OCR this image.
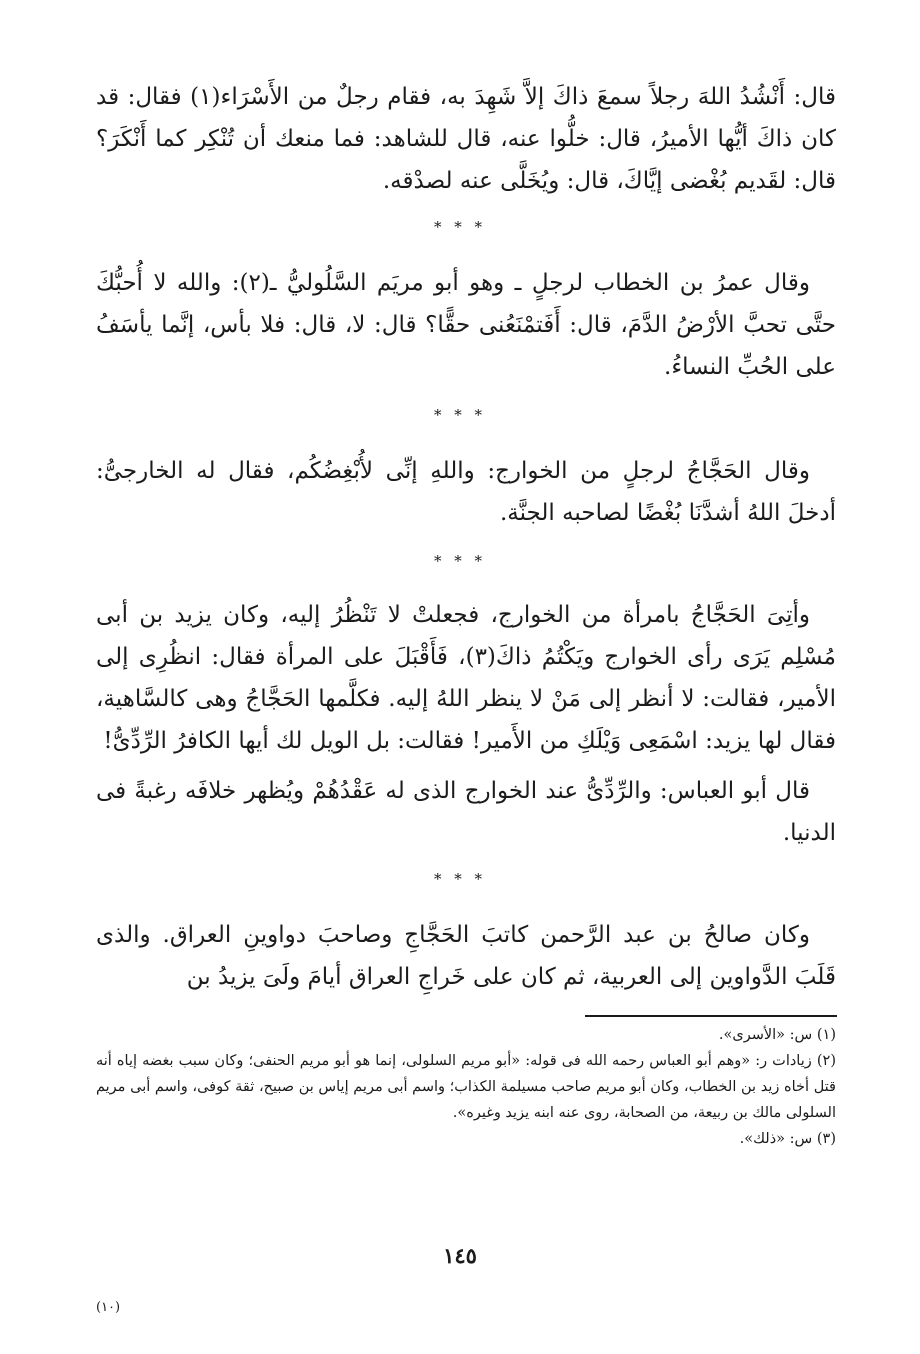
قال: أَنْشُدُ اللهَ رجلاً سمعَ ذاكَ إلاَّ شَهِدَ به، فقام رجلٌ من الأَسْرَاء(١) فقال: قد كان ذاكَ أيُّها الأميرُ، قال: خلُّوا عنه، قال للشاهد: فما منعك أن تُنْكِر كما أَنْكَرَ؟ قال: لقَديم بُغْضى إيَّاكَ، قال: ويُخَلَّى عنه لصدْقه.

* * *

وقال عمرُ بن الخطاب لرجلٍ ـ وهو أبو مريَم السَّلُوليُّ ـ(٢): والله لا أُحبُّكَ حتَّى تحبَّ الأرْضُ الدَّمَ، قال: أَفَتمْنَعُنى حقًّا؟ قال: لا، قال: فلا بأس، إنَّما يأسَفُ على الحُبِّ النساءُ.

* * *

وقال الحَجَّاجُ لرجلٍ من الخوارج: واللهِ إنِّى لأُبْغِضُكُم، فقال له الخارجىُّ: أدخلَ اللهُ أشدَّنَا بُغْضًا لصاحبه الجنَّة.

* * *

وأتِىَ الحَجَّاجُ بامرأة من الخوارج، فجعلتْ لا تَنْظُرُ إليه، وكان يزيد بن أبى مُسْلِم يَرَى رأى الخوارج ويَكْتُمُ ذاكَ(٣)، فَأَقْبَلَ على المرأة فقال: انظُرِى إلى الأمير، فقالت: لا أنظر إلى مَنْ لا ينظر اللهُ إليه. فكلَّمها الحَجَّاجُ وهى كالسَّاهية، فقال لها يزيد: اسْمَعِى وَيْلَكِ من الأَمير! فقالت: بل الويل لك أيها الكافرُ الرِّدِّىُّ!

قال أبو العباس: والرِّدِّىُّ عند الخوارج الذى له عَقْدُهُمْ ويُظهر خلافَه رغبةً فى الدنيا.

* * *

وكان صالحُ بن عبد الرَّحمن كاتبَ الحَجَّاجِ وصاحبَ دواوينِ العراق. والذى قَلَبَ الدَّواوين إلى العربية، ثم كان على خَراجِ العراق أيامَ ولَىَ يزيدُ بن

(١) س: «الأسرى».

(٢) زيادات ر: «وهم أبو العباس رحمه الله فى قوله: «أبو مريم السلولى، إنما هو أبو مريم الحنفى؛ وكان سبب بغضه إياه أنه قتل أخاه زيد بن الخطاب، وكان أبو مريم صاحب مسيلمة الكذاب؛ واسم أبى مريم إياس بن صبيح، ثقة كوفى، واسم أبى مريم السلولى مالك بن ربيعة، من الصحابة، روى عنه ابنه يزيد وغيره».

(٣) س: «ذلك».

١٤٥
(١٠)
